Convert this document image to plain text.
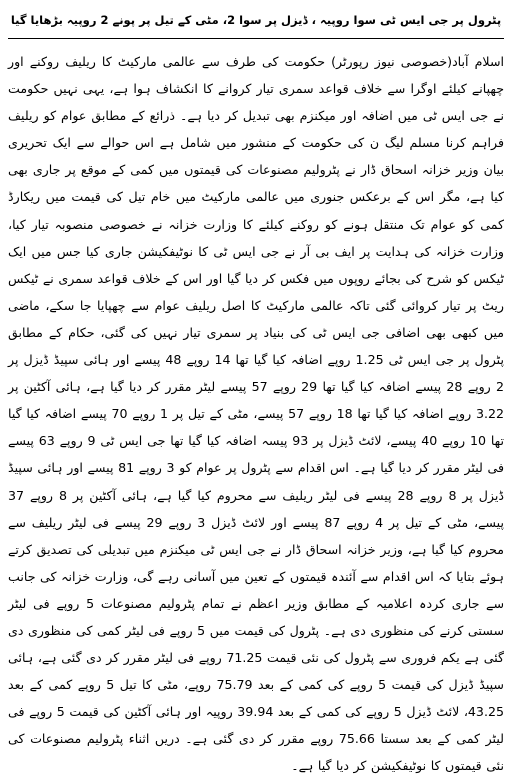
پٹرول پر جی ایس ٹی سوا روپیہ ، ڈیزل پر سوا 2، مٹی کے تیل پر پونے 2 روپیہ بڑھایا گیا

اسلام آباد(خصوصی نیوز رپورٹر) حکومت کی طرف سے عالمی مارکیٹ کا ریلیف روکنے اور چھپانے کیلئے اوگرا سے خلاف قواعد سمری تیار کروانے کا انکشاف ہوا ہے، یہی نہیں حکومت نے جی ایس ٹی میں اضافہ اور میکنزم بھی تبدیل کر دیا ہے۔ ذرائع کے مطابق عوام کو ریلیف فراہم کرنا مسلم لیگ ن کی حکومت کے منشور میں شامل ہے اس حوالے سے ایک تحریری بیان وزیر خزانہ اسحاق ڈار نے پٹرولیم مصنوعات کی قیمتوں میں کمی کے موقع پر جاری بھی کیا ہے، مگر اس کے برعکس جنوری میں عالمی مارکیٹ میں خام تیل کی قیمت میں ریکارڈ کمی کو عوام تک منتقل ہونے کو روکنے کیلئے کا وزارت خزانہ نے خصوصی منصوبہ تیار کیا، وزارت خزانہ کی ہدایت پر ایف بی آر نے جی ایس ٹی کا نوٹیفکیشن جاری کیا جس میں ایک ٹیکس کو شرح کی بجائے روپوں میں فکس کر دیا گیا اور اس کے خلاف قواعد سمری نے ٹیکس ریٹ پر تیار کروائی گئی تاکہ عالمی مارکیٹ کا اصل ریلیف عوام سے چھپایا جا سکے، ماضی میں کبھی بھی اضافی جی ایس ٹی کی بنیاد پر سمری تیار نہیں کی گئی، حکام کے مطابق پٹرول پر جی ایس ٹی 1.25 روپے اضافہ کیا گیا تھا 14 روپے 48 پیسے اور ہائی سپیڈ ڈیزل پر 2 روپے 28 پیسے اضافہ کیا گیا تھا 29 روپے 57 پیسے لیٹر مقرر کر دیا گیا ہے، ہائی آکٹین پر 3.22 روپے اضافہ کیا گیا تھا 18 روپے 57 پیسے، مٹی کے تیل پر 1 روپے 70 پیسے اضافہ کیا گیا تھا 10 روپے 40 پیسے، لائٹ ڈیزل پر 93 پیسہ اضافہ کیا گیا تھا جی ایس ٹی 9 روپے 63 پیسے فی لیٹر مقرر کر دیا گیا ہے۔ اس اقدام سے پٹرول پر عوام کو 3 روپے 81 پیسے اور ہائی سپیڈ ڈیزل پر 8 روپے 28 پیسے فی لیٹر ریلیف سے محروم کیا گیا ہے، ہائی آکٹین پر 8 روپے 37 پیسے، مٹی کے تیل پر 4 روپے 87 پیسے اور لائٹ ڈیزل 3 روپے 29 پیسے فی لیٹر ریلیف سے محروم کیا گیا ہے، وزیر خزانہ اسحاق ڈار نے جی ایس ٹی میکنزم میں تبدیلی کی تصدیق کرتے ہوئے بتایا کہ اس اقدام سے آئندہ قیمتوں کے تعین میں آسانی رہے گی، وزارت خزانہ کی جانب سے جاری کردہ اعلامیہ کے مطابق وزیر اعظم نے تمام پٹرولیم مصنوعات 5 روپے فی لیٹر سستی کرنے کی منظوری دی ہے۔ پٹرول کی قیمت میں 5 روپے فی لیٹر کمی کی منظوری دی گئی ہے یکم فروری سے پٹرول کی نئی قیمت 71.25 روپے فی لیٹر مقرر کر دی گئی ہے، ہائی سپیڈ ڈیزل کی قیمت 5 روپے کی کمی کے بعد 75.79 روپے، مٹی کا تیل 5 روپے کمی کے بعد 43.25، لائٹ ڈیزل 5 روپے کی کمی کے بعد 39.94 روپیہ اور ہائی آکٹین کی قیمت 5 روپے فی لیٹر کمی کے بعد سستا 75.66 روپے مقرر کر دی گئی ہے۔ دریں اثناء پٹرولیم مصنوعات کی نئی قیمتوں کا نوٹیفکیشن کر دیا گیا ہے۔
